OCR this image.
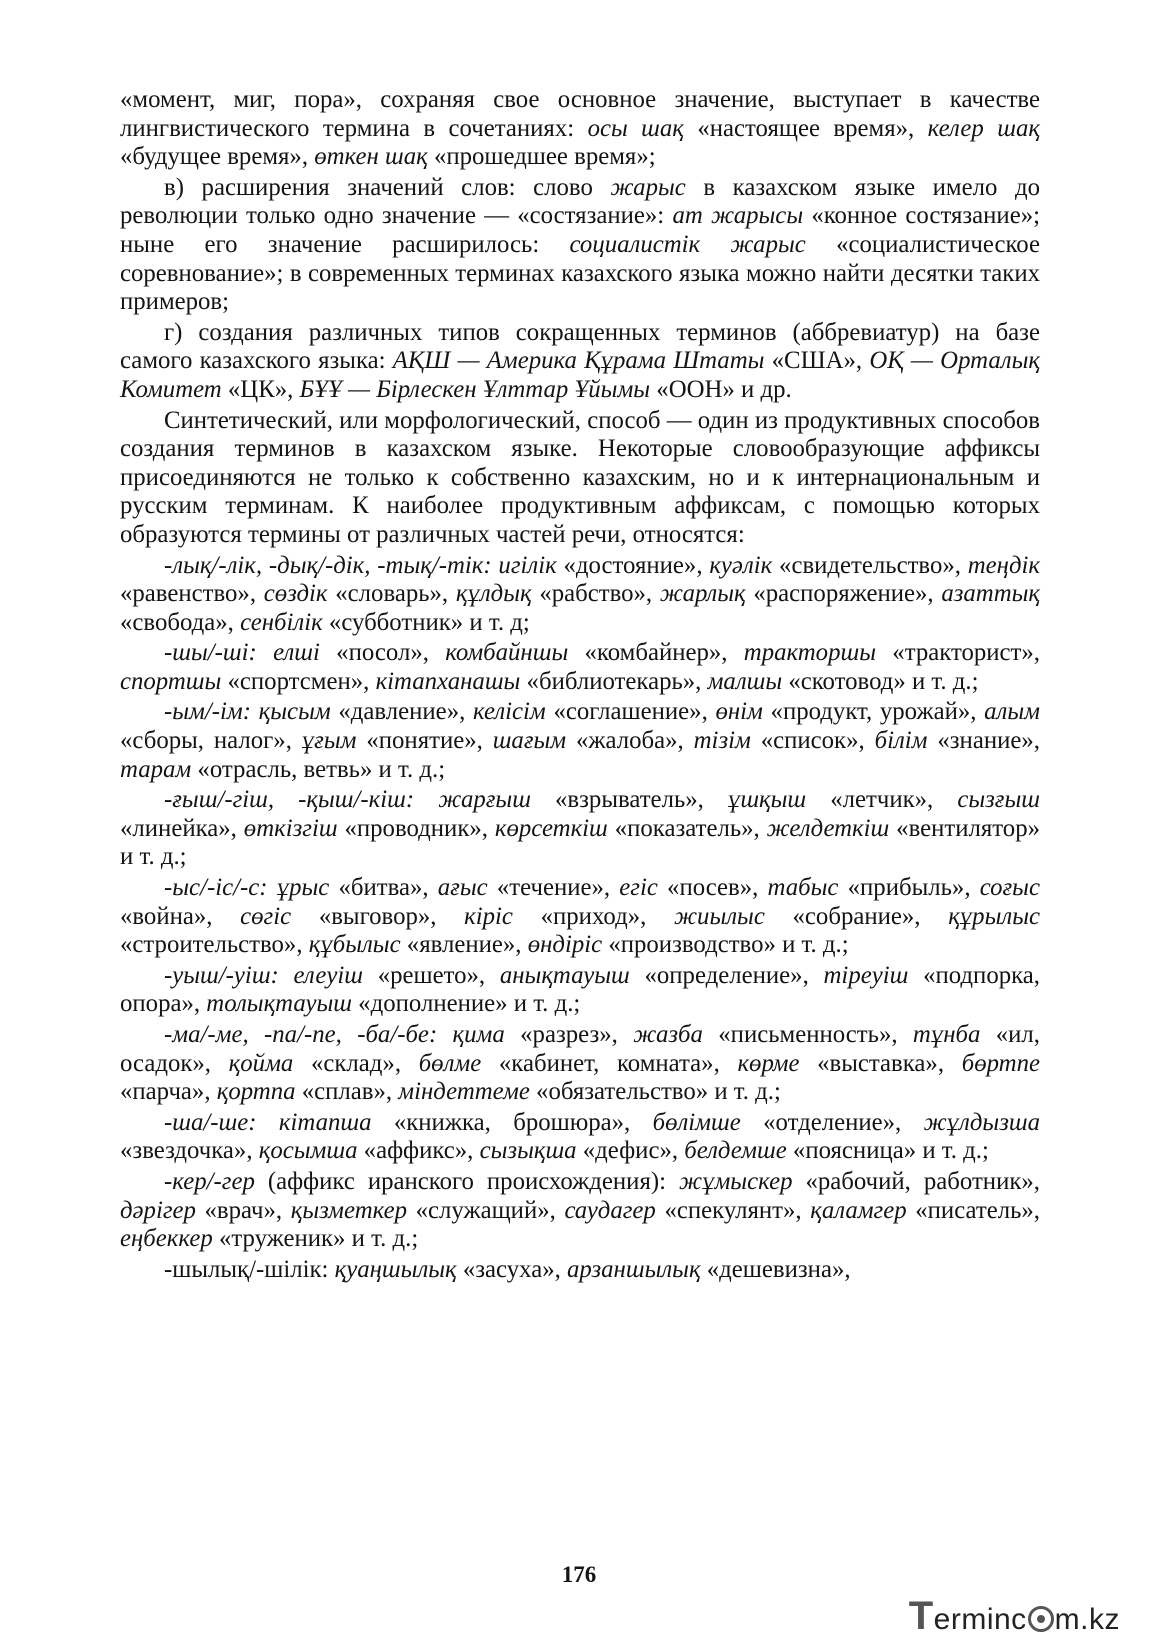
«момент, миг, пора», сохраняя свое основное значение, выступает в качестве лингвистического термина в сочетаниях: осы шақ «настоящее время», келер шақ «будущее время», өткен шақ «прошедшее время»;

в) расширения значений слов: слово жарыс в казахском языке имело до революции только одно значение — «состязание»: ат жарысы «конное состязание»; ныне его значение расширилось: социалистік жарыс «социалистическое соревнование»; в современных терминах казахского языка можно найти десятки таких примеров;

г) создания различных типов сокращенных терминов (аббревиатур) на базе самого казахского языка: АҚШ — Америка Құрама Штаты «США», ОҚ — Орталық Комитет «ЦК», БҰҰ — Бірлескен Ұлттар Ұйымы «ООН» и др.

Синтетический, или морфологический, способ — один из продуктивных способов создания терминов в казахском языке. Некоторые словообразующие аффиксы присоединяются не только к собственно казахским, но и к интернациональным и русским терминам. К наиболее продуктивным аффиксам, с помощью которых образуются термины от различных частей речи, относятся:

-лық/-лік, -дық/-дік, -тық/-тік: игілік «достояние», куәлік «свидетельство», теңдік «равенство», сөздік «словарь», құлдық «рабство», жарлық «распоряжение», азаттық «свобода», сенбілік «субботник» и т. д;

-шы/-ші: елші «посол», комбайншы «комбайнер», тракторшы «тракторист», спортшы «спортсмен», кітапханашы «библиотекарь», малшы «скотовод» и т. д.;

-ым/-ім: қысым «давление», келісім «соглашение», өнім «продукт, урожай», алым «сборы, налог», ұғым «понятие», шағым «жалоба», тізім «список», білім «знание», тарам «отрасль, ветвь» и т. д.;

-ғыш/-гіш, -қыш/-кіш: жарғыш «взрыватель», ұшқыш «летчик», сызғыш «линейка», өткізгіш «проводник», көрсеткіш «показатель», желдеткіш «вентилятор» и т. д.;

-ыс/-іс/-с: ұрыс «битва», ағыс «течение», егіс «посев», табыс «прибыль», соғыс «война», сөгіс «выговор», кіріс «приход», жиылыс «собрание», құрылыс «строительство», құбылыс «явление», өндіріс «производство» и т. д.;

-уыш/-уіш: елеуіш «решето», анықтауыш «определение», тіреуіш «подпорка, опора», толықтауыш «дополнение» и т. д.;

-ма/-ме, -па/-пе, -ба/-бе: қима «разрез», жазба «письменность», тұнба «ил, осадок», қойма «склад», бөлме «кабинет, комната», көрме «выставка», бөртпе «парча», қортпа «сплав», міндеттеме «обязательство» и т. д.;

-ша/-ше: кітапша «книжка, брошюра», бөлімше «отделение», жұлдызша «звездочка», қосымша «аффикс», сызықша «дефис», белдемше «поясница» и т. д.;

-кер/-гер (аффикс иранского происхождения): жұмыскер «рабочий, работник», дәрігер «врач», қызметкер «служащий», саудагер «спекулянт», қаламгер «писатель», еңбеккер «труженик» и т. д.;

-шылық/-шілік: қуаңшылық «засуха», арзаншылық «дешевизна»,

176
Terminc m.kz
